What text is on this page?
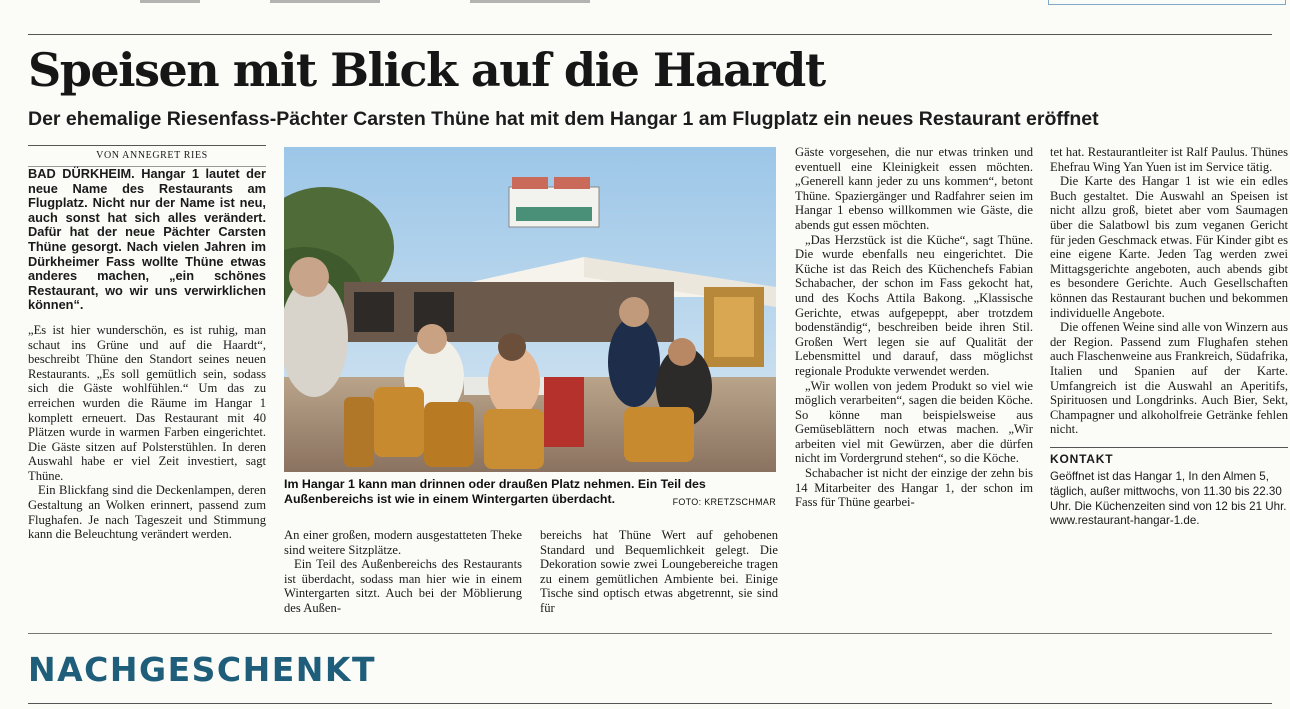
Speisen mit Blick auf die Haardt
Der ehemalige Riesenfass-Pächter Carsten Thüne hat mit dem Hangar 1 am Flugplatz ein neues Restaurant eröffnet

VON ANNEGRET RIES

BAD DÜRKHEIM. Hangar 1 lautet der neue Name des Restaurants am Flugplatz. Nicht nur der Name ist neu, auch sonst hat sich alles verändert. Dafür hat der neue Pächter Carsten Thüne gesorgt. Nach vielen Jahren im Dürkheimer Fass wollte Thüne etwas anderes machen, „ein schönes Restaurant, wo wir uns verwirklichen können“.

„Es ist hier wunderschön, es ist ruhig, man schaut ins Grüne und auf die Haardt“, beschreibt Thüne den Standort seines neuen Restaurants. „Es soll gemütlich sein, sodass sich die Gäste wohlfühlen.“ Um das zu erreichen wurden die Räume im Hangar 1 komplett erneuert. Das Restaurant mit 40 Plätzen wurde in warmen Farben eingerichtet. Die Gäste sitzen auf Polsterstühlen. In deren Auswahl habe er viel Zeit investiert, sagt Thüne.

Ein Blickfang sind die Deckenlampen, deren Gestaltung an Wolken erinnert, passend zum Flughafen. Je nach Tageszeit und Stimmung kann die Beleuchtung verändert werden.

Im Hangar 1 kann man drinnen oder draußen Platz nehmen. Ein Teil des Außenbereichs ist wie in einem Wintergarten überdacht.	FOTO: KRETZSCHMAR

An einer großen, modern ausgestatteten Theke sind weitere Sitzplätze.

Ein Teil des Außenbereichs des Restaurants ist überdacht, sodass man hier wie in einem Wintergarten sitzt. Auch bei der Möblierung des Außen-

bereichs hat Thüne Wert auf gehobenen Standard und Bequemlichkeit gelegt. Die Dekoration sowie zwei Loungebereiche tragen zu einem gemütlichen Ambiente bei. Einige Tische sind optisch etwas abgetrennt, sie sind für

Gäste vorgesehen, die nur etwas trinken und eventuell eine Kleinigkeit essen möchten. „Generell kann jeder zu uns kommen“, betont Thüne. Spaziergänger und Radfahrer seien im Hangar 1 ebenso willkommen wie Gäste, die abends gut essen möchten.

„Das Herzstück ist die Küche“, sagt Thüne. Die wurde ebenfalls neu eingerichtet. Die Küche ist das Reich des Küchenchefs Fabian Schabacher, der schon im Fass gekocht hat, und des Kochs Attila Bakong. „Klassische Gerichte, etwas aufgepeppt, aber trotzdem bodenständig“, beschreiben beide ihren Stil. Großen Wert legen sie auf Qualität der Lebensmittel und darauf, dass möglichst regionale Produkte verwendet werden.

„Wir wollen von jedem Produkt so viel wie möglich verarbeiten“, sagen die beiden Köche. So könne man beispielsweise aus Gemüseblättern noch etwas machen. „Wir arbeiten viel mit Gewürzen, aber die dürfen nicht im Vordergrund stehen“, so die Köche.

Schabacher ist nicht der einzige der zehn bis 14 Mitarbeiter des Hangar 1, der schon im Fass für Thüne gearbei-

tet hat. Restaurantleiter ist Ralf Paulus. Thünes Ehefrau Wing Yan Yuen ist im Service tätig.

Die Karte des Hangar 1 ist wie ein edles Buch gestaltet. Die Auswahl an Speisen ist nicht allzu groß, bietet aber vom Saumagen über die Salatbowl bis zum veganen Gericht für jeden Geschmack etwas. Für Kinder gibt es eine eigene Karte. Jeden Tag werden zwei Mittagsgerichte angeboten, auch abends gibt es besondere Gerichte. Auch Gesellschaften können das Restaurant buchen und bekommen individuelle Angebote.

Die offenen Weine sind alle von Winzern aus der Region. Passend zum Flughafen stehen auch Flaschenweine aus Frankreich, Südafrika, Italien und Spanien auf der Karte. Umfangreich ist die Auswahl an Aperitifs, Spirituosen und Longdrinks. Auch Bier, Sekt, Champagner und alkoholfreie Getränke fehlen nicht.

KONTAKT
Geöffnet ist das Hangar 1, In den Almen 5, täglich, außer mittwochs, von 11.30 bis 22.30 Uhr. Die Küchenzeiten sind von 12 bis 21 Uhr. www.restaurant-hangar-1.de.
NACHGESCHENKT
